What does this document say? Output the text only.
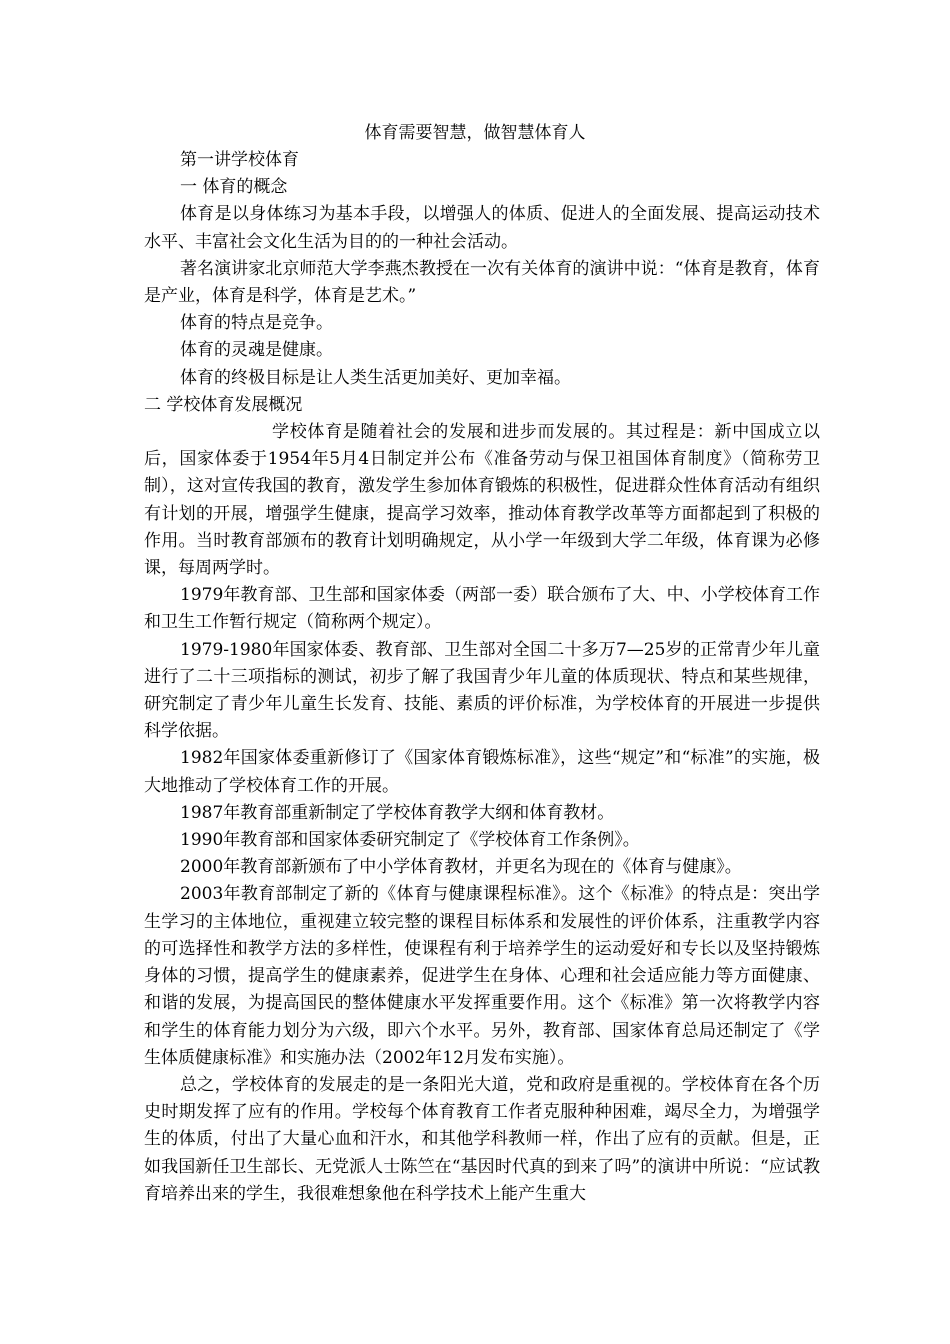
体育需要智慧，做智慧体育人

第一讲学校体育

一 体育的概念

体育是以身体练习为基本手段，以增强人的体质、促进人的全面发展、提高运动技术水平、丰富社会文化生活为目的的一种社会活动。

著名演讲家北京师范大学李燕杰教授在一次有关体育的演讲中说：“体育是教育，体育是产业，体育是科学，体育是艺术。”

体育的特点是竞争。

体育的灵魂是健康。

体育的终极目标是让人类生活更加美好、更加幸福。

二 学校体育发展概况

学校体育是随着社会的发展和进步而发展的。其过程是：新中国成立以后，国家体委于1954年5月4日制定并公布《准备劳动与保卫祖国体育制度》（简称劳卫制），这对宣传我国的教育，激发学生参加体育锻炼的积极性，促进群众性体育活动有组织有计划的开展，增强学生健康，提高学习效率，推动体育教学改革等方面都起到了积极的作用。当时教育部颁布的教育计划明确规定，从小学一年级到大学二年级，体育课为必修课，每周两学时。

1979年教育部、卫生部和国家体委（两部一委）联合颁布了大、中、小学校体育工作和卫生工作暂行规定（简称两个规定）。

1979-1980年国家体委、教育部、卫生部对全国二十多万7—25岁的正常青少年儿童进行了二十三项指标的测试，初步了解了我国青少年儿童的体质现状、特点和某些规律，研究制定了青少年儿童生长发育、技能、素质的评价标准，为学校体育的开展进一步提供科学依据。

1982年国家体委重新修订了《国家体育锻炼标准》，这些“规定”和“标准”的实施，极大地推动了学校体育工作的开展。

1987年教育部重新制定了学校体育教学大纲和体育教材。

1990年教育部和国家体委研究制定了《学校体育工作条例》。

2000年教育部新颁布了中小学体育教材，并更名为现在的《体育与健康》。

2003年教育部制定了新的《体育与健康课程标准》。这个《标准》的特点是：突出学生学习的主体地位，重视建立较完整的课程目标体系和发展性的评价体系，注重教学内容的可选择性和教学方法的多样性，使课程有利于培养学生的运动爱好和专长以及坚持锻炼身体的习惯，提高学生的健康素养，促进学生在身体、心理和社会适应能力等方面健康、和谐的发展，为提高国民的整体健康水平发挥重要作用。这个《标准》第一次将教学内容和学生的体育能力划分为六级，即六个水平。另外，教育部、国家体育总局还制定了《学生体质健康标准》和实施办法（2002年12月发布实施）。

总之，学校体育的发展走的是一条阳光大道，党和政府是重视的。学校体育在各个历史时期发挥了应有的作用。学校每个体育教育工作者克服种种困难，竭尽全力，为增强学生的体质，付出了大量心血和汗水，和其他学科教师一样，作出了应有的贡献。但是，正如我国新任卫生部长、无党派人士陈竺在“基因时代真的到来了吗”的演讲中所说：“应试教育培养出来的学生，我很难想象他在科学技术上能产生重大
